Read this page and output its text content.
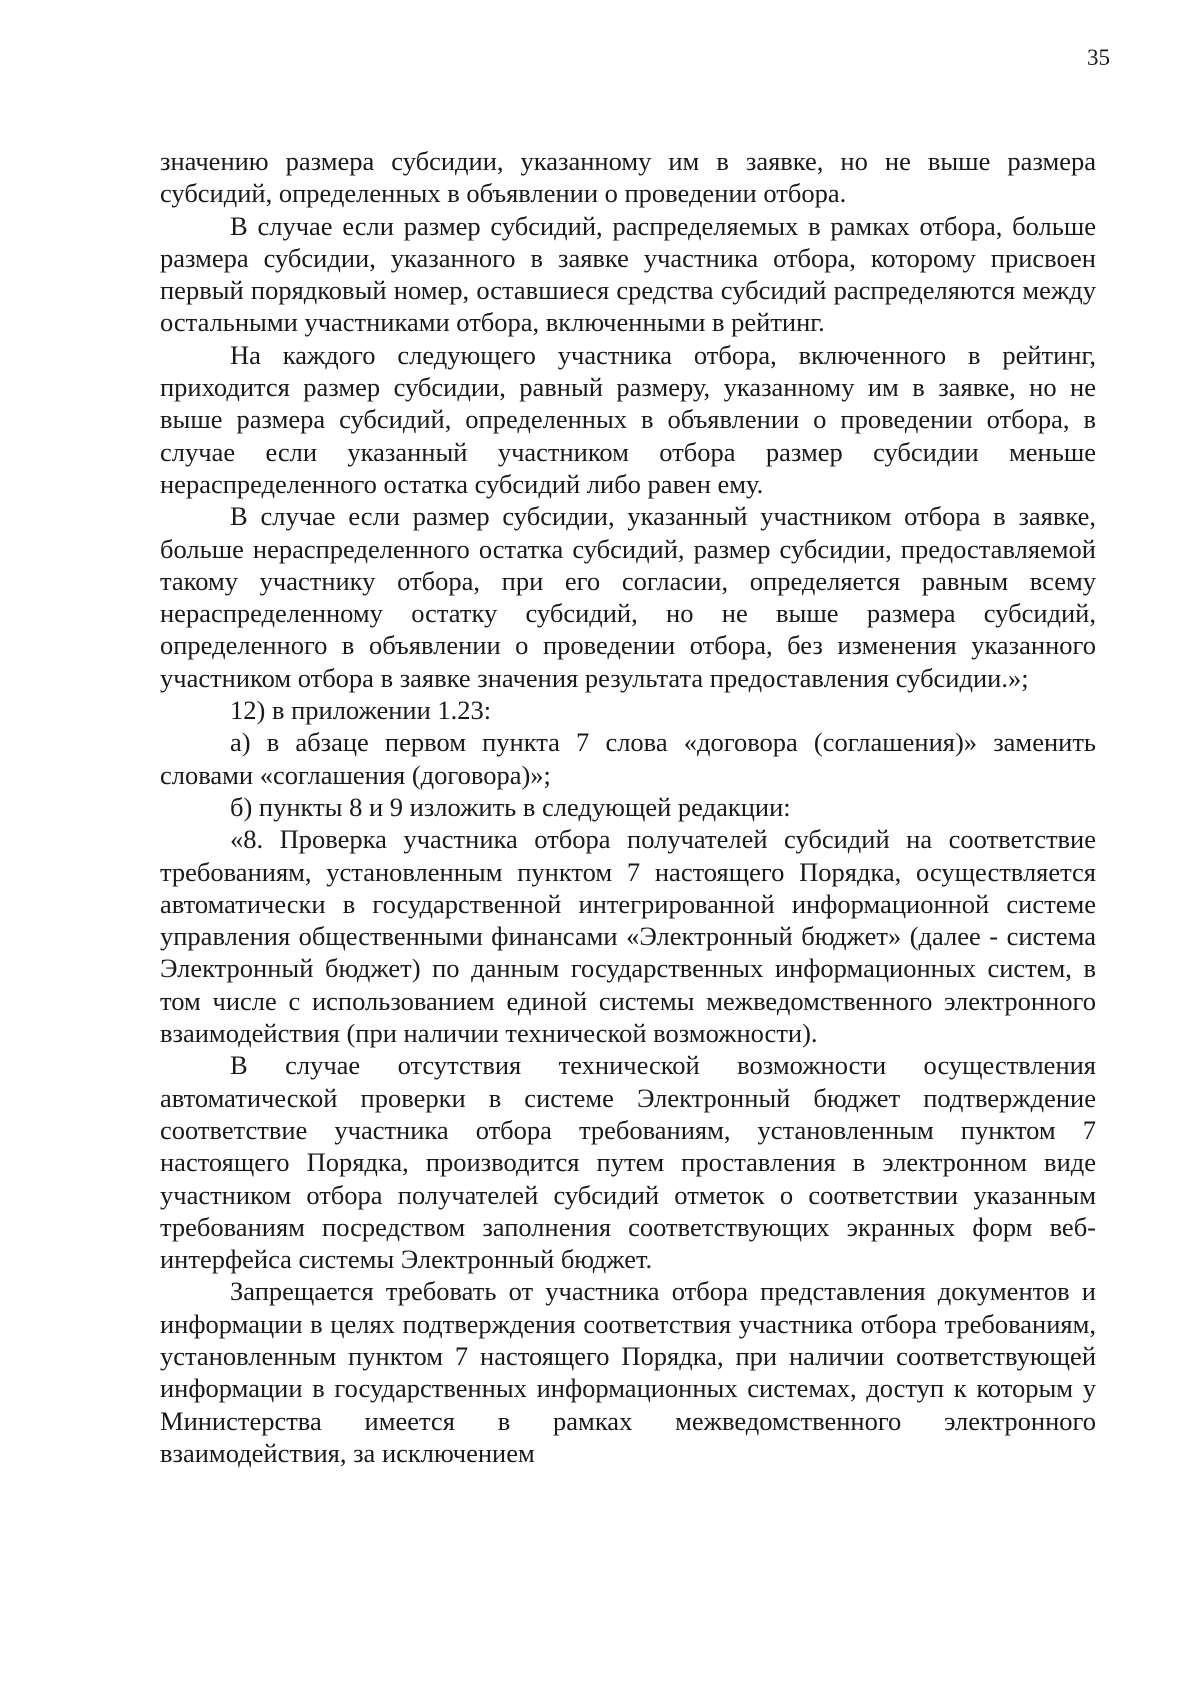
35

значению размера субсидии, указанному им в заявке, но не выше размера субсидий, определенных в объявлении о проведении отбора.

В случае если размер субсидий, распределяемых в рамках отбора, больше размера субсидии, указанного в заявке участника отбора, которому присвоен первый порядковый номер, оставшиеся средства субсидий распределяются между остальными участниками отбора, включенными в рейтинг.

На каждого следующего участника отбора, включенного в рейтинг, приходится размер субсидии, равный размеру, указанному им в заявке, но не выше размера субсидий, определенных в объявлении о проведении отбора, в случае если указанный участником отбора размер субсидии меньше нераспределенного остатка субсидий либо равен ему.

В случае если размер субсидии, указанный участником отбора в заявке, больше нераспределенного остатка субсидий, размер субсидии, предоставляемой такому участнику отбора, при его согласии, определяется равным всему нераспределенному остатку субсидий, но не выше размера субсидий, определенного в объявлении о проведении отбора, без изменения указанного участником отбора в заявке значения результата предоставления субсидии.»;

12) в приложении 1.23:

а) в абзаце первом пункта 7 слова «договора (соглашения)» заменить словами «соглашения (договора)»;

б) пункты 8 и 9 изложить в следующей редакции:

«8. Проверка участника отбора получателей субсидий на соответствие требованиям, установленным пунктом 7 настоящего Порядка, осуществляется автоматически в государственной интегрированной информационной системе управления общественными финансами «Электронный бюджет» (далее - система Электронный бюджет) по данным государственных информационных систем, в том числе с использованием единой системы межведомственного электронного взаимодействия (при наличии технической возможности).

В случае отсутствия технической возможности осуществления автоматической проверки в системе Электронный бюджет подтверждение соответствие участника отбора требованиям, установленным пунктом 7 настоящего Порядка, производится путем проставления в электронном виде участником отбора получателей субсидий отметок о соответствии указанным требованиям посредством заполнения соответствующих экранных форм веб-интерфейса системы Электронный бюджет.

Запрещается требовать от участника отбора представления документов и информации в целях подтверждения соответствия участника отбора требованиям, установленным пунктом 7 настоящего Порядка, при наличии соответствующей информации в государственных информационных системах, доступ к которым у Министерства имеется в рамках межведомственного электронного взаимодействия, за исключением
